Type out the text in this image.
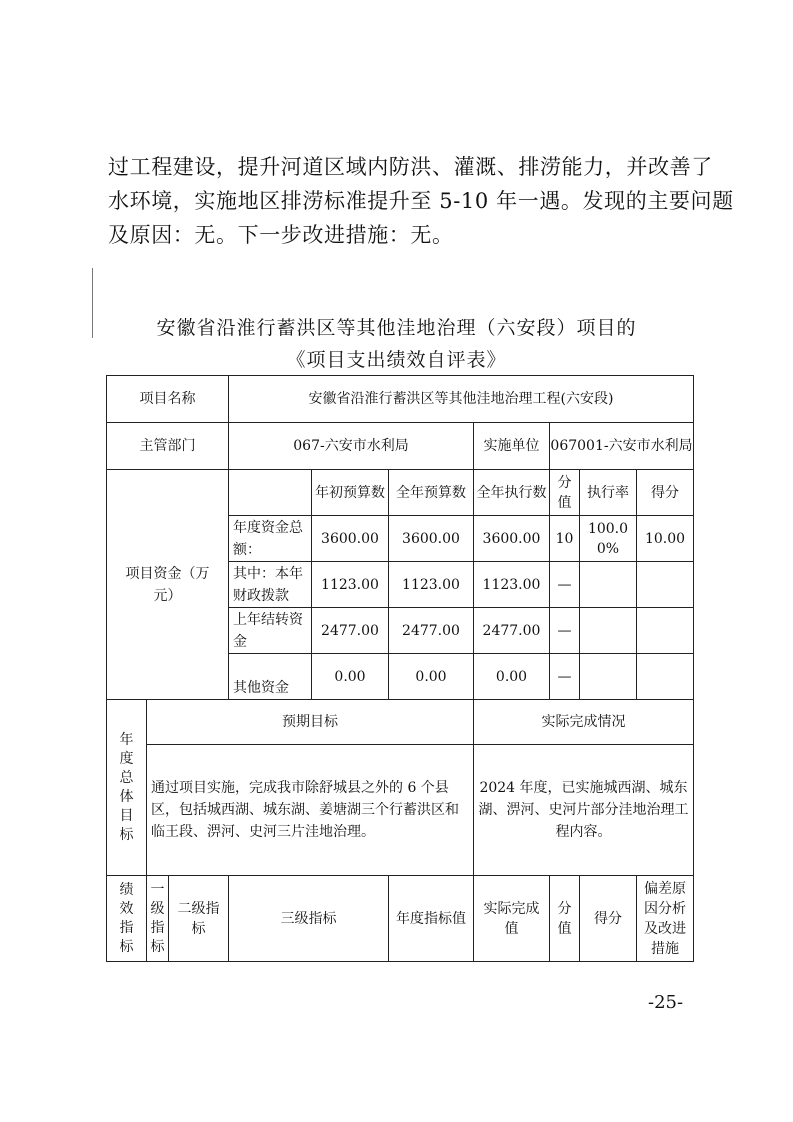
过工程建设，提升河道区域内防洪、灌溉、排涝能力，并改善了
水环境，实施地区排涝标准提升至 5-10 年一遇。发现的主要问题
及原因：无。下一步改进措施：无。
安徽省沿淮行蓄洪区等其他洼地治理（六安段）项目的
《项目支出绩效自评表》
项目名称			安徽省沿淮行蓄洪区等其他洼地治理工程(六安段)						
主管部门			067-六安市水利局			实施单位	067001-六安市水利局		

项目资金（万元）				年初预算数	全年预算数	全年执行数	分值	执行率	得分
			年度资金总额：	3600.00	3600.00	3600.00	10	100.00%	10.00
			其中：本年财政拨款	1123.00	1123.00	1123.00	—		
			上年结转资金	2477.00	2477.00	2477.00	—		
			其他资金	0.00	0.00	0.00	—		

年度总体目标	预期目标					实际完成情况			
	通过项目实施，完成我市除舒城县之外的 6 个县区，包括城西湖、城东湖、姜塘湖三个行蓄洪区和临王段、淠河、史河三片洼地治理。					2024 年度，已实施城西湖、城东湖、淠河、史河片部分洼地治理工程内容。			

绩效指标	一级指标	二级指标	三级指标		年度指标值	实际完成值	分值	得分	偏差原因分析及改进措施
-25-
